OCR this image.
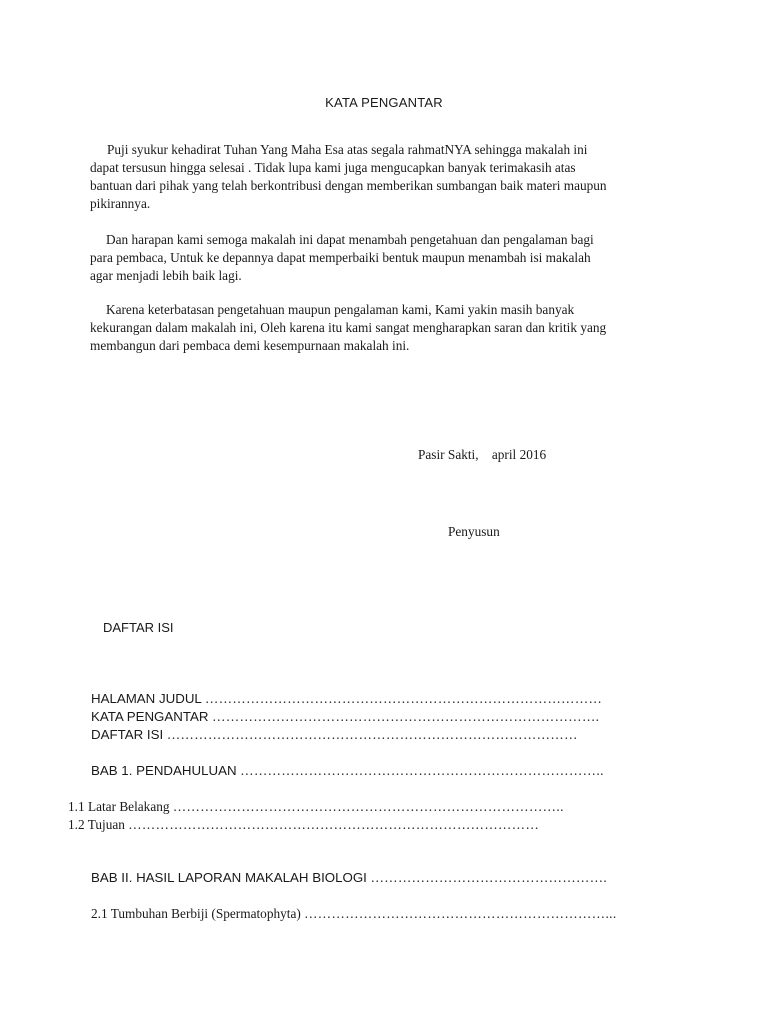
KATA PENGANTAR
Puji syukur kehadirat Tuhan Yang Maha Esa atas segala rahmatNYA sehingga makalah ini
dapat tersusun hingga selesai . Tidak lupa kami juga mengucapkan banyak terimakasih atas
bantuan dari pihak yang telah berkontribusi dengan memberikan sumbangan baik materi maupun
pikirannya.
Dan harapan kami semoga makalah ini dapat menambah pengetahuan dan pengalaman bagi
para pembaca, Untuk ke depannya dapat memperbaiki bentuk maupun menambah isi makalah
agar menjadi lebih baik lagi.
Karena keterbatasan pengetahuan maupun pengalaman kami, Kami yakin masih banyak
kekurangan dalam makalah ini, Oleh karena itu kami sangat mengharapkan saran dan kritik yang
membangun dari pembaca demi kesempurnaan makalah ini.
Pasir Sakti,    april 2016
Penyusun
DAFTAR ISI
HALAMAN JUDUL ……………………………………………………………………………
KATA PENGANTAR ………………………………………………………………………….
DAFTAR ISI ………………………………………………………………………………
BAB 1. PENDAHULUAN ……………………………………………………………………..
1.1 Latar Belakang …………………………………………………………………………..
1.2 Tujuan ………………………………………………………………………………
BAB II. HASIL LAPORAN MAKALAH BIOLOGI …………………………………………….
2.1 Tumbuhan Berbiji (Spermatophyta) …………………………………………………………...
